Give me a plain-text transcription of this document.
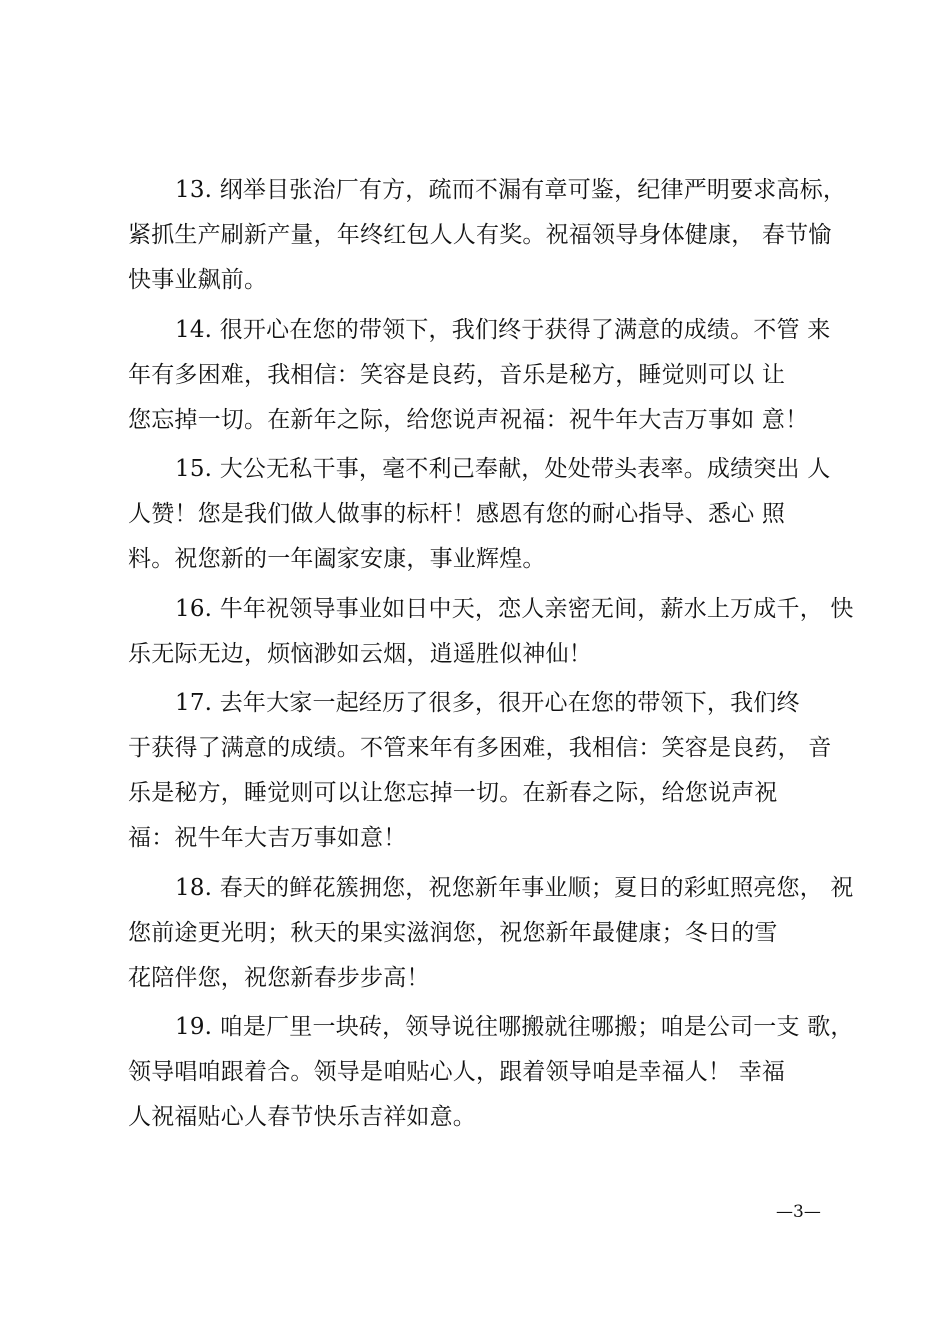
13. 纲举目张治厂有方，疏而不漏有章可鉴，纪律严明要求高标，
紧抓生产刷新产量，年终红包人人有奖。祝福领导身体健康， 春节愉
快事业飙前。

14. 很开心在您的带领下，我们终于获得了满意的成绩。不管 来
年有多困难，我相信：笑容是良药，音乐是秘方，睡觉则可以 让
您忘掉一切。在新年之际，给您说声祝福：祝牛年大吉万事如 意！

15. 大公无私干事，毫不利己奉献，处处带头表率。成绩突出 人
人赞！您是我们做人做事的标杆！感恩有您的耐心指导、悉心 照
料。祝您新的一年阖家安康，事业辉煌。

16. 牛年祝领导事业如日中天，恋人亲密无间，薪水上万成千， 快
乐无际无边，烦恼渺如云烟，逍遥胜似神仙！

17. 去年大家一起经历了很多，很开心在您的带领下，我们终
于获得了满意的成绩。不管来年有多困难，我相信：笑容是良药， 音
乐是秘方，睡觉则可以让您忘掉一切。在新春之际，给您说声祝
福：祝牛年大吉万事如意！

18. 春天的鲜花簇拥您，祝您新年事业顺；夏日的彩虹照亮您， 祝
您前途更光明；秋天的果实滋润您，祝您新年最健康；冬日的雪
花陪伴您，祝您新春步步高！

19. 咱是厂里一块砖，领导说往哪搬就往哪搬；咱是公司一支 歌，
领导唱咱跟着合。领导是咱贴心人，跟着领导咱是幸福人！ 幸福
人祝福贴心人春节快乐吉祥如意。

—3—
